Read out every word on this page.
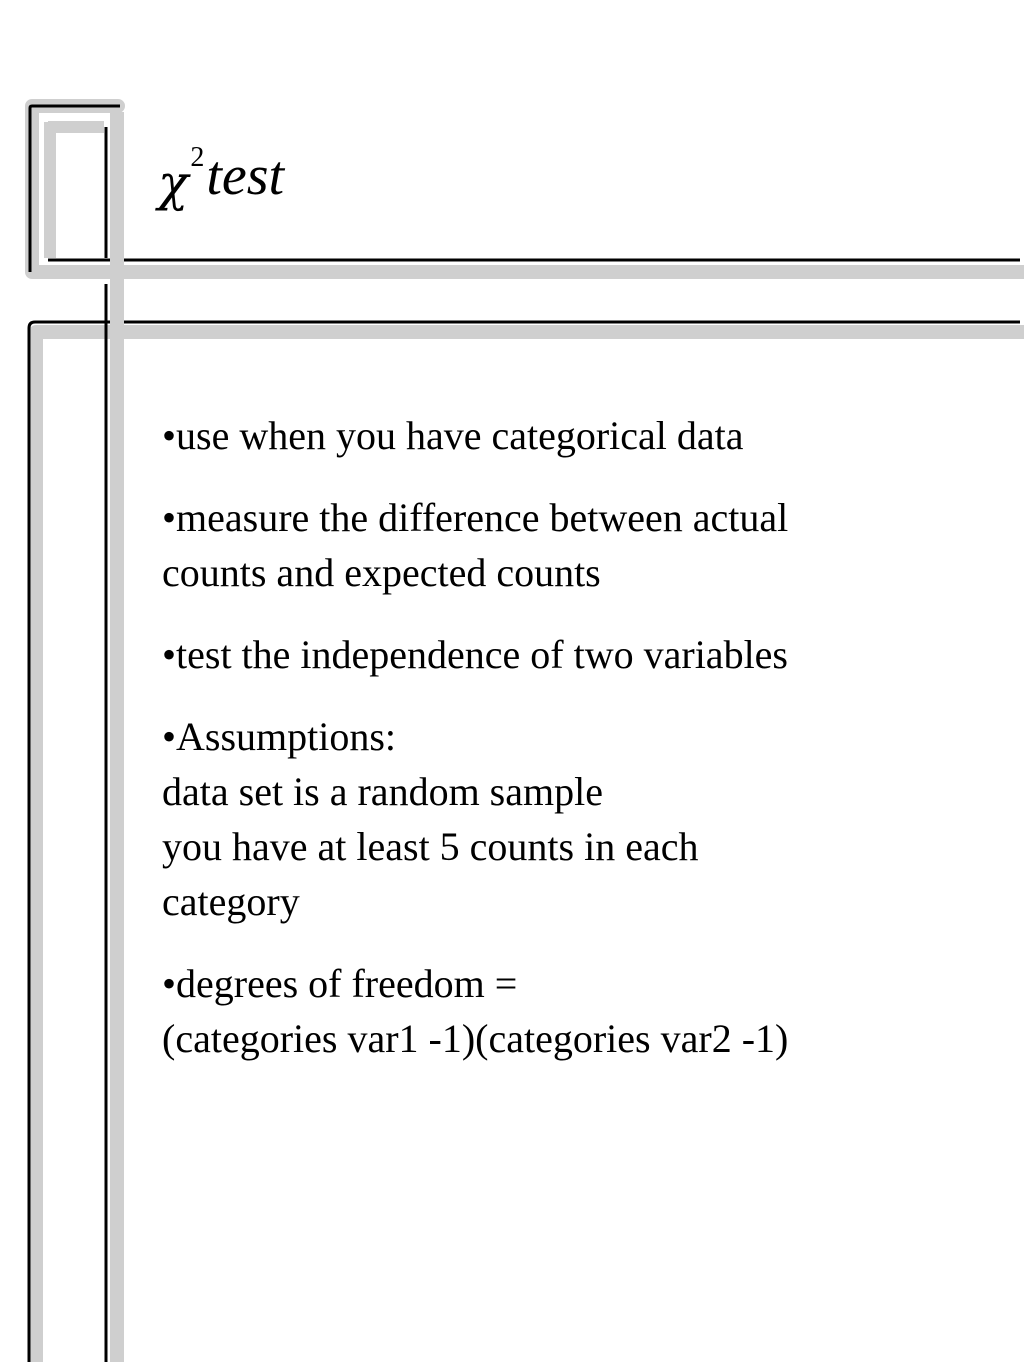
$\chi^2test$
•use when you have categorical data
•measure the difference between actual
counts and expected counts
•test the independence of two variables
•Assumptions:
data set is a random sample
you have at least 5 counts in each
category
•degrees of freedom =
(categories var1 -1)(categories var2 -1)
